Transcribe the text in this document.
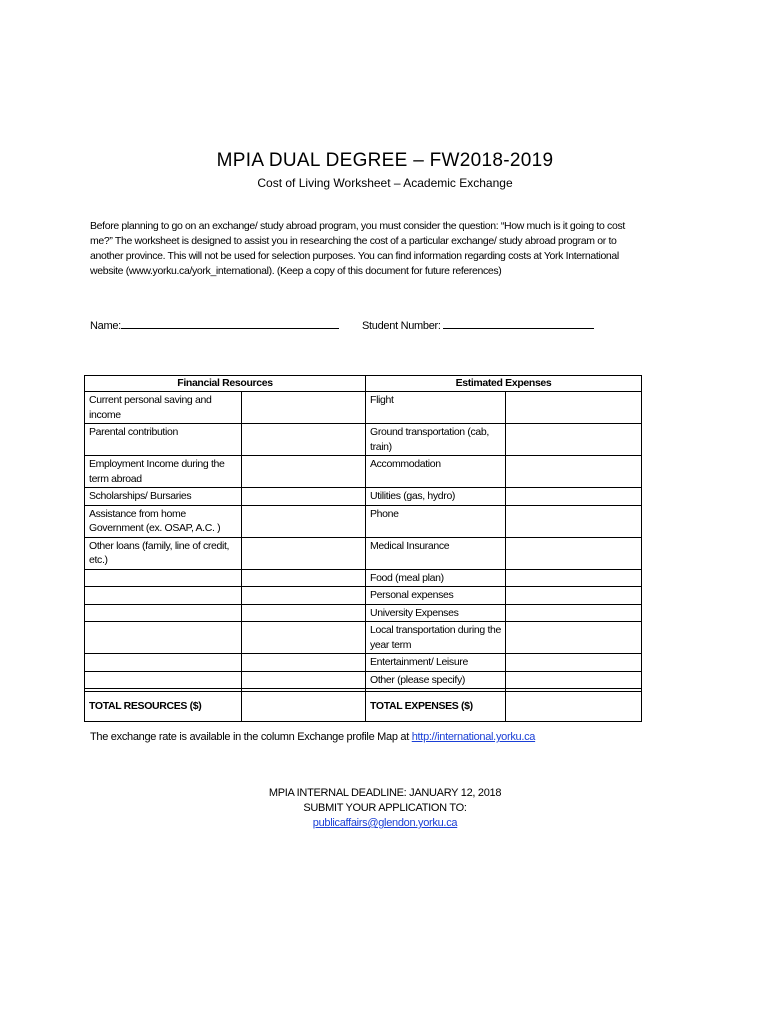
MPIA DUAL DEGREE – FW2018-2019
Cost of Living Worksheet – Academic Exchange
Before planning to go on an exchange/ study abroad program, you must consider the question: “How much is it going to cost
me?” The worksheet is designed to assist you in researching the cost of a particular exchange/ study abroad program or to
another province. This will not be used for selection purposes. You can find information regarding costs at York International
website (www.yorku.ca/york_international). (Keep a copy of this document for future references)
Name:	Student Number:
Financial Resources		Estimated Expenses	
Current personal saving and income		Flight	
Parental contribution		Ground transportation (cab, train)	
Employment Income during the term abroad		Accommodation	
Scholarships/ Bursaries		Utilities (gas, hydro)	
Assistance from home Government (ex. OSAP, A.C. )		Phone	
Other loans (family, line of credit, etc.)		Medical Insurance	
		Food (meal plan)	
		Personal expenses	
		University Expenses	
		Local transportation during the year term	
		Entertainment/ Leisure	
		Other (please specify)	

TOTAL RESOURCES ($)		TOTAL EXPENSES ($)	
The exchange rate is available in the column Exchange profile Map at http://international.yorku.ca
MPIA INTERNAL DEADLINE: JANUARY 12, 2018
SUBMIT YOUR APPLICATION TO:
publicaffairs@glendon.yorku.ca
